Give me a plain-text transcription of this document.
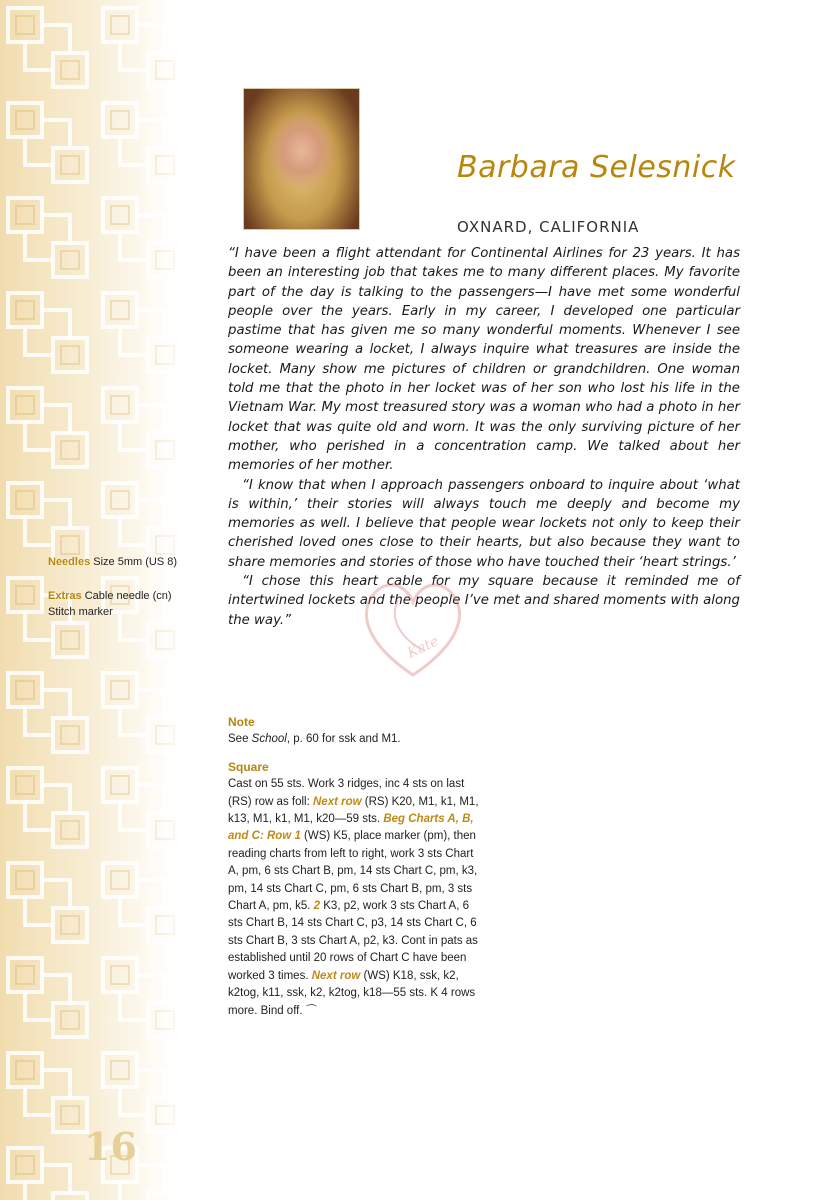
Barbara Selesnick
OXNARD, CALIFORNIA

“I have been a flight attendant for Continental Airlines for 23 years. It has been an interesting job that takes me to many different places. My favorite part of the day is talking to the passengers—I have met some wonderful people over the years. Early in my career, I developed one particular pastime that has given me so many wonderful moments. Whenever I see someone wearing a locket, I always inquire what treasures are inside the locket. Many show me pictures of children or grandchildren. One woman told me that the photo in her locket was of her son who lost his life in the Vietnam War. My most treasured story was a woman who had a photo in her locket that was quite old and worn. It was the only surviving picture of her mother, who perished in a concentration camp. We talked about her memories of her mother.

“I know that when I approach passengers onboard to inquire about ‘what is within,’ their stories will always touch me deeply and become my memories as well. I believe that people wear lockets not only to keep their cherished loved ones close to their hearts, but also because they want to share memories and stories of those who have touched their ‘heart strings.’

“I chose this heart cable for my square because it reminded me of intertwined lockets and the people I’ve met and shared moments with along the way.”

Kate
Needles Size 5mm (US 8)
Extras Cable needle (cn)
Stitch marker
Note

See School, p. 60 for ssk and M1.

Square

Cast on 55 sts. Work 3 ridges, inc 4 sts on last (RS) row as foll: Next row (RS) K20, M1, k1, M1, k13, M1, k1, M1, k20—59 sts. Beg Charts A, B, and C: Row 1 (WS) K5, place marker (pm), then reading charts from left to right, work 3 sts Chart A, pm, 6 sts Chart B, pm, 14 sts Chart C, pm, k3, pm, 14 sts Chart C, pm, 6 sts Chart B, pm, 3 sts Chart A, pm, k5. 2 K3, p2, work 3 sts Chart A, 6 sts Chart B, 14 sts Chart C, p3, 14 sts Chart C, 6 sts Chart B, 3 sts Chart A, p2, k3. Cont in pats as established until 20 rows of Chart C have been worked 3 times. Next row (WS) K18, ssk, k2, k2tog, k11, ssk, k2, k2tog, k18—55 sts. K 4 rows more. Bind off. ⌒

16
